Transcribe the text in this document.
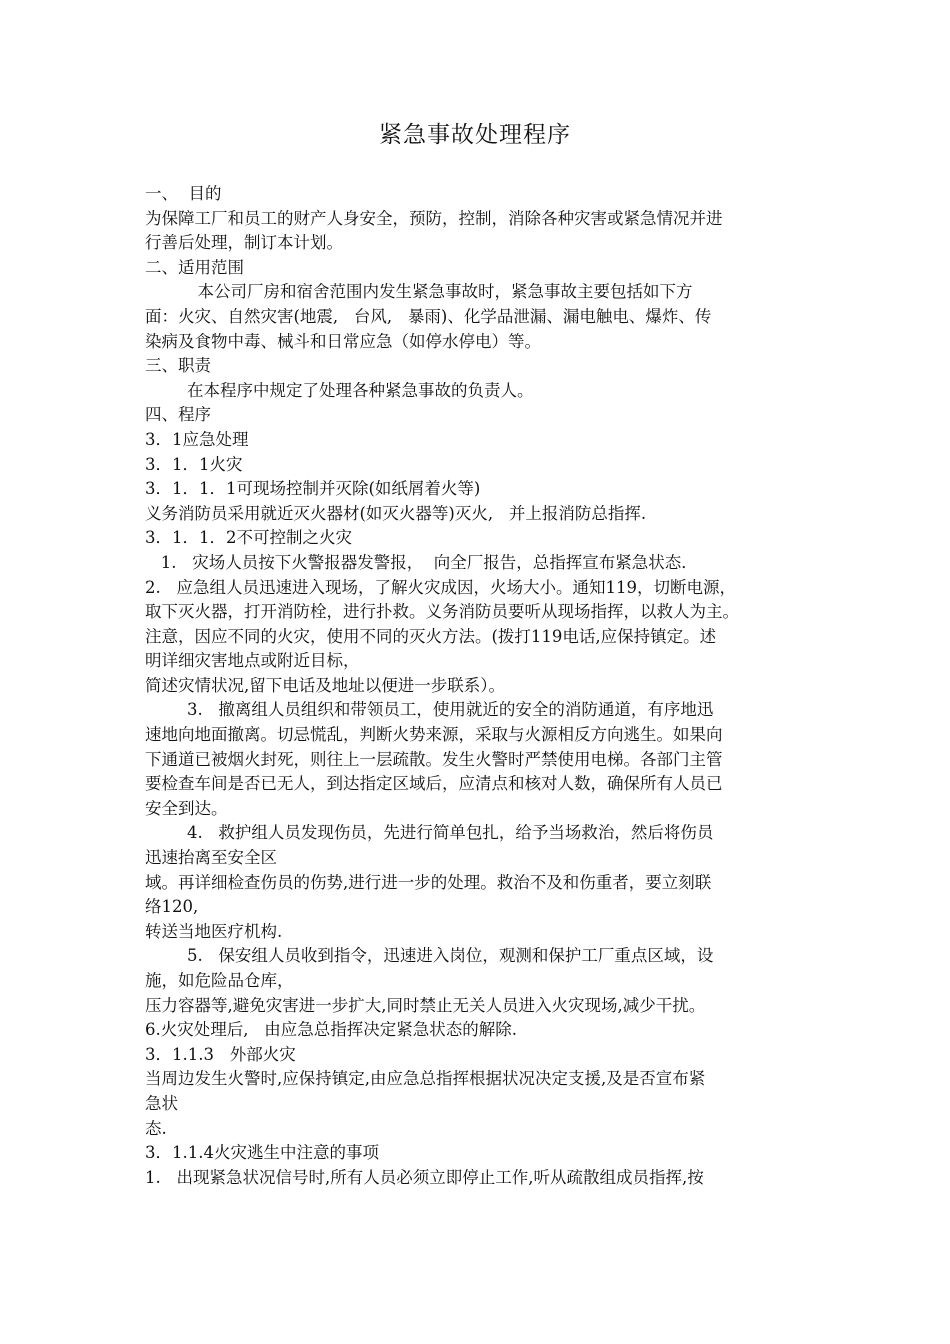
紧急事故处理程序

一、  目的

为保障工厂和员工的财产人身安全，预防，控制，消除各种灾害或紧急情况并进

行善后处理，制订本计划。

二、适用范围

本公司厂房和宿舍范围内发生紧急事故时，紧急事故主要包括如下方

面：火灾、自然灾害(地震,   台风,   暴雨)、化学品泄漏、漏电触电、爆炸、传

染病及食物中毒、械斗和日常应急（如停水停电）等。

三、职责

在本程序中规定了处理各种紧急事故的负责人。

四、程序

3．1应急处理

3．1．1火灾

3．1．1．1可现场控制并灭除(如纸屑着火等)

义务消防员采用就近灭火器材(如灭火器等)灭火,   并上报消防总指挥.

3．1．1．2不可控制之火灾

1.   灾场人员按下火警报器发警报，  向全厂报告，总指挥宣布紧急状态．

2.   应急组人员迅速进入现场，了解火灾成因，火场大小。通知119，切断电源，

取下灭火器，打开消防栓，进行扑救。义务消防员要听从现场指挥，以救人为主。

注意，因应不同的火灾，使用不同的灭火方法。(拨打119电话,应保持镇定。述

明详细灾害地点或附近目标，

简述灾情状况,留下电话及地址以便进一步联系）。

3.   撤离组人员组织和带领员工，使用就近的安全的消防通道，有序地迅

速地向地面撤离。切忌慌乱，判断火势来源，采取与火源相反方向逃生。如果向

下通道已被烟火封死，则往上一层疏散。发生火警时严禁使用电梯。各部门主管

要检查车间是否已无人，到达指定区域后，应清点和核对人数，确保所有人员已

安全到达。

4.   救护组人员发现伤员，先进行简单包扎，给予当场救治，然后将伤员

迅速抬离至安全区

域。再详细检查伤员的伤势,进行进一步的处理。救治不及和伤重者，要立刻联

络120,

转送当地医疗机构.

5.   保安组人员收到指令，迅速进入岗位，观测和保护工厂重点区域，设

施，如危险品仓库，

压力容器等,避免灾害进一步扩大,同时禁止无关人员进入火灾现场,减少干扰。

6.火灾处理后,   由应急总指挥决定紧急状态的解除.

3．1.1.3   外部火灾

当周边发生火警时,应保持镇定,由应急总指挥根据状况决定支援,及是否宣布紧

急状

态.

3．1.1.4火灾逃生中注意的事项

1.   出现紧急状况信号时,所有人员必须立即停止工作,听从疏散组成员指挥,按
